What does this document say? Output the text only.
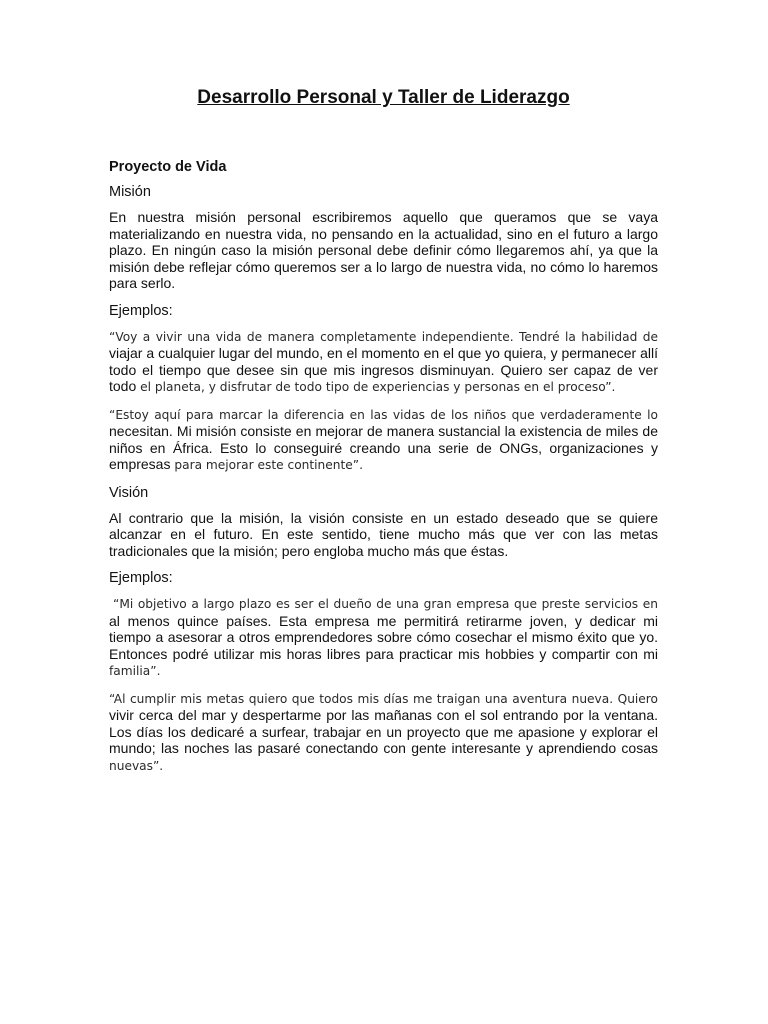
Desarrollo Personal y Taller de Liderazgo
Proyecto de Vida
Misión

En nuestra misión personal escribiremos aquello que queramos que se vaya materializando en nuestra vida, no pensando en la actualidad, sino en el futuro a largo plazo. En ningún caso la misión personal debe definir cómo llegaremos ahí, ya que la misión debe reflejar cómo queremos ser a lo largo de nuestra vida, no cómo lo haremos para serlo.

Ejemplos:

“Voy a vivir una vida de manera completamente independiente. Tendré la habilidad de viajar a cualquier lugar del mundo, en el momento en el que yo quiera, y permanecer allí todo el tiempo que desee sin que mis ingresos disminuyan. Quiero ser capaz de ver todo el planeta, y disfrutar de todo tipo de experiencias y personas en el proceso”.

“Estoy aquí para marcar la diferencia en las vidas de los niños que verdaderamente lo necesitan. Mi misión consiste en mejorar de manera sustancial la existencia de miles de niños en África. Esto lo conseguiré creando una serie de ONGs, organizaciones y empresas para mejorar este continente”.

Visión

Al contrario que la misión, la visión consiste en un estado deseado que se quiere alcanzar en el futuro. En este sentido, tiene mucho más que ver con las metas tradicionales que la misión; pero engloba mucho más que éstas.

Ejemplos:

“Mi objetivo a largo plazo es ser el dueño de una gran empresa que preste servicios en al menos quince países. Esta empresa me permitirá retirarme joven, y dedicar mi tiempo a asesorar a otros emprendedores sobre cómo cosechar el mismo éxito que yo. Entonces podré utilizar mis horas libres para practicar mis hobbies y compartir con mi familia”.

“Al cumplir mis metas quiero que todos mis días me traigan una aventura nueva. Quiero vivir cerca del mar y despertarme por las mañanas con el sol entrando por la ventana. Los días los dedicaré a surfear, trabajar en un proyecto que me apasione y explorar el mundo; las noches las pasaré conectando con gente interesante y aprendiendo cosas nuevas”.
